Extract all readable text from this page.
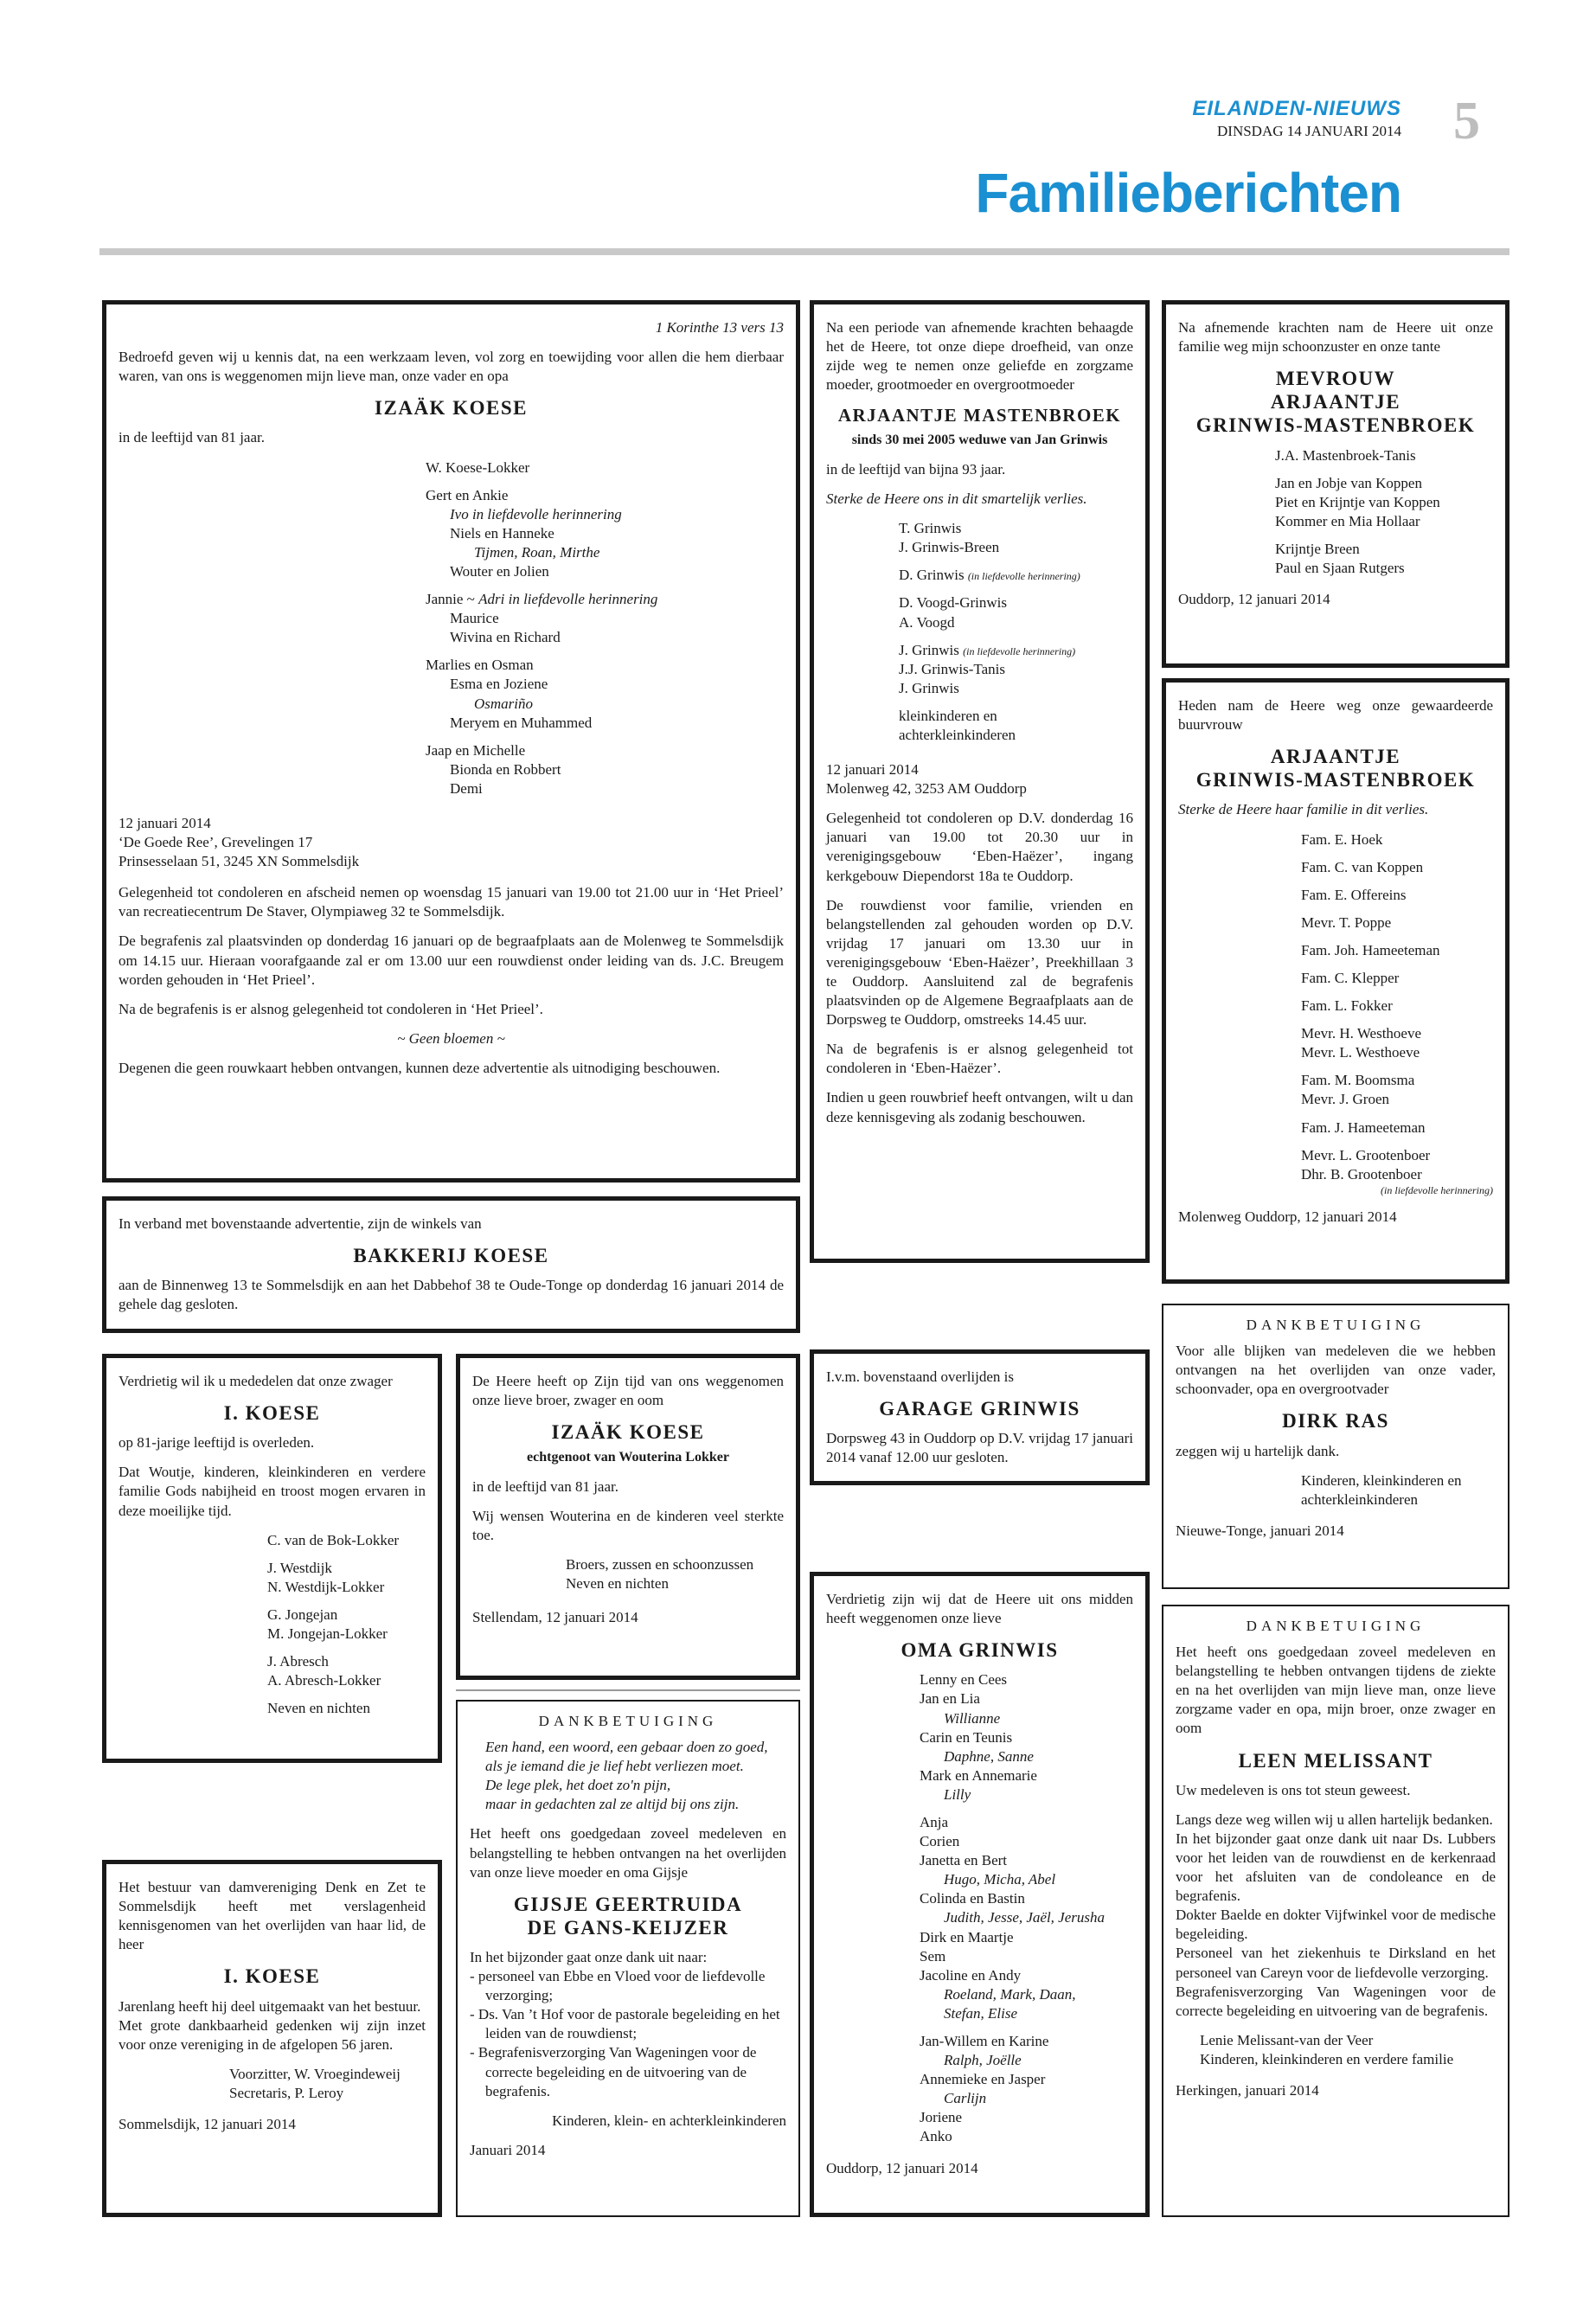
EILANDEN-NIEUWS
DINSDAG 14 JANUARI 2014 5
Familieberichten

1 Korinthe 13 vers 13

Bedroefd geven wij u kennis dat, na een werkzaam leven, vol zorg en toewijding voor allen die hem dierbaar waren, van ons is weggenomen mijn lieve man, onze vader en opa

IZAÄK KOESE

in de leeftijd van 81 jaar.

W. Koese-Lokker
Gert en Ankie
Ivo in liefdevolle herinnering
Niels en Hanneke
Tijmen, Roan, Mirthe
Wouter en Jolien
Jannie ~ Adri in liefdevolle herinnering
Maurice
Wivina en Richard
Marlies en Osman
Esma en Joziene
Osmariño
Meryem en Muhammed
Jaap en Michelle
Bionda en Robbert
Demi
12 januari 2014
‘De Goede Ree’, Grevelingen 17
Prinsesselaan 51, 3245 XN Sommelsdijk

Gelegenheid tot condoleren en afscheid nemen op woensdag 15 januari van 19.00 tot 21.00 uur in ‘Het Prieel’ van recreatiecentrum De Staver, Olympiaweg 32 te Sommelsdijk.

De begrafenis zal plaatsvinden op donderdag 16 januari op de begraafplaats aan de Molenweg te Sommelsdijk om 14.15 uur. Hieraan voorafgaande zal er om 13.00 uur een rouwdienst onder leiding van ds. J.C. Breugem worden gehouden in ‘Het Prieel’.

Na de begrafenis is er alsnog gelegenheid tot condoleren in ‘Het Prieel’.

~ Geen bloemen ~

Degenen die geen rouwkaart hebben ontvangen, kunnen deze advertentie als uitnodiging beschouwen.

In verband met bovenstaande advertentie, zijn de winkels van

BAKKERIJ KOESE

aan de Binnenweg 13 te Sommelsdijk en aan het Dabbehof 38 te Oude-Tonge op donderdag 16 januari 2014 de gehele dag gesloten.

Verdrietig wil ik u mededelen dat onze zwager

I. KOESE

op 81-jarige leeftijd is overleden.

Dat Woutje, kinderen, kleinkinderen en verdere familie Gods nabijheid en troost mogen ervaren in deze moeilijke tijd.

C. van de Bok-Lokker
J. Westdijk
N. Westdijk-Lokker
G. Jongejan
M. Jongejan-Lokker
J. Abresch
A. Abresch-Lokker
Neven en nichten

De Heere heeft op Zijn tijd van ons weggenomen onze lieve broer, zwager en oom

IZAÄK KOESE
echtgenoot van Wouterina Lokker

in de leeftijd van 81 jaar.

Wij wensen Wouterina en de kinderen veel sterkte toe.

Broers, zussen en schoonzussen
Neven en nichten

Stellendam, 12 januari 2014

DANKBETUIGING
Een hand, een woord, een gebaar doen zo goed,
als je iemand die je lief hebt verliezen moet.
De lege plek, het doet zo'n pijn,
maar in gedachten zal ze altijd bij ons zijn.

Het heeft ons goedgedaan zoveel medeleven en belangstelling te hebben ontvangen na het overlijden van onze lieve moeder en oma Gijsje

GIJSJE GEERTRUIDA
DE GANS-KEIJZER
In het bijzonder gaat onze dank uit naar:
- personeel van Ebbe en Vloed voor de liefdevolle verzorging;
- Ds. Van ’t Hof voor de pastorale begeleiding en het leiden van de rouwdienst;
- Begrafenisverzorging Van Wageningen voor de correcte begeleiding en de uitvoering van de begrafenis.

Kinderen, klein- en achterkleinkinderen

Januari 2014

Het bestuur van damvereniging Denk en Zet te Sommelsdijk heeft met verslagenheid kennisgenomen van het overlijden van haar lid, de heer

I. KOESE
Jarenlang heeft hij deel uitgemaakt van het bestuur.

Met grote dankbaarheid gedenken wij zijn inzet voor onze vereniging in de afgelopen 56 jaren.

Voorzitter, W. Vroegindeweij
Secretaris, P. Leroy

Sommelsdijk, 12 januari 2014

Na een periode van afnemende krachten behaagde het de Heere, tot onze diepe droefheid, van onze zijde weg te nemen onze geliefde en zorgzame moeder, grootmoeder en overgrootmoeder

ARJAANTJE MASTENBROEK
sinds 30 mei 2005 weduwe van Jan Grinwis

in de leeftijd van bijna 93 jaar.

Sterke de Heere ons in dit smartelijk verlies.

T. Grinwis
J. Grinwis-Breen
D. Grinwis (in liefdevolle herinnering)
D. Voogd-Grinwis
A. Voogd
J. Grinwis (in liefdevolle herinnering)
J.J. Grinwis-Tanis
J. Grinwis
kleinkinderen en
achterkleinkinderen
12 januari 2014

Molenweg 42, 3253 AM Ouddorp

Gelegenheid tot condoleren op D.V. donderdag 16 januari van 19.00 tot 20.30 uur in verenigingsgebouw ‘Eben-Haëzer’, ingang kerkgebouw Diependorst 18a te Ouddorp.

De rouwdienst voor familie, vrienden en belangstellenden zal gehouden worden op D.V. vrijdag 17 januari om 13.30 uur in verenigingsgebouw ‘Eben-Haëzer’, Preekhillaan 3 te Ouddorp. Aansluitend zal de begrafenis plaatsvinden op de Algemene Begraafplaats aan de Dorpsweg te Ouddorp, omstreeks 14.45 uur.

Na de begrafenis is er alsnog gelegenheid tot condoleren in ‘Eben-Haëzer’.

Indien u geen rouwbrief heeft ontvangen, wilt u dan deze kennisgeving als zodanig beschouwen.

I.v.m. bovenstaand overlijden is

GARAGE GRINWIS

Dorpsweg 43 in Ouddorp op D.V. vrijdag 17 januari 2014 vanaf 12.00 uur gesloten.

Verdrietig zijn wij dat de Heere uit ons midden heeft weggenomen onze lieve

OMA GRINWIS
Lenny en Cees
Jan en Lia
Willianne
Carin en Teunis
Daphne, Sanne
Mark en Annemarie
Lilly
Anja
Corien
Janetta en Bert
Hugo, Micha, Abel
Colinda en Bastin
Judith, Jesse, Jaël, Jerusha
Dirk en Maartje
Sem
Jacoline en Andy
Roeland, Mark, Daan,
Stefan, Elise
Jan-Willem en Karine
Ralph, Joëlle
Annemieke en Jasper
Carlijn
Joriene
Anko

Ouddorp, 12 januari 2014

Na afnemende krachten nam de Heere uit onze familie weg mijn schoonzuster en onze tante

MEVROUW
ARJAANTJE
GRINWIS-MASTENBROEK
J.A. Mastenbroek-Tanis
Jan en Jobje van Koppen
Piet en Krijntje van Koppen
Kommer en Mia Hollaar
Krijntje Breen
Paul en Sjaan Rutgers

Ouddorp, 12 januari 2014

Heden nam de Heere weg onze gewaardeerde buurvrouw

ARJAANTJE
GRINWIS-MASTENBROEK

Sterke de Heere haar familie in dit verlies.

Fam. E. Hoek
Fam. C. van Koppen
Fam. E. Offereins
Mevr. T. Poppe
Fam. Joh. Hameeteman
Fam. C. Klepper
Fam. L. Fokker
Mevr. H. Westhoeve
Mevr. L. Westhoeve
Fam. M. Boomsma
Mevr. J. Groen
Fam. J. Hameeteman
Mevr. L. Grootenboer
Dhr. B. Grootenboer
(in liefdevolle herinnering)

Molenweg Ouddorp, 12 januari 2014

DANKBETUIGING

Voor alle blijken van medeleven die we hebben ontvangen na het overlijden van onze vader, schoonvader, opa en overgrootvader

DIRK RAS

zeggen wij u hartelijk dank.

Kinderen, kleinkinderen en
achterkleinkinderen

Nieuwe-Tonge, januari 2014

DANKBETUIGING

Het heeft ons goedgedaan zoveel medeleven en belangstelling te hebben ontvangen tijdens de ziekte en na het overlijden van mijn lieve man, onze lieve zorgzame vader en opa, mijn broer, onze zwager en oom

LEEN MELISSANT

Uw medeleven is ons tot steun geweest.

Langs deze weg willen wij u allen hartelijk bedanken.
In het bijzonder gaat onze dank uit naar Ds. Lubbers voor het leiden van de rouwdienst en de kerkenraad voor het afsluiten van de condoleance en de begrafenis.
Dokter Baelde en dokter Vijfwinkel voor de medische begeleiding.
Personeel van het ziekenhuis te Dirksland en het personeel van Careyn voor de liefdevolle verzorging.

Begrafenisverzorging Van Wageningen voor de correcte begeleiding en uitvoering van de begrafenis.

Lenie Melissant-van der Veer
Kinderen, kleinkinderen en verdere familie

Herkingen, januari 2014
